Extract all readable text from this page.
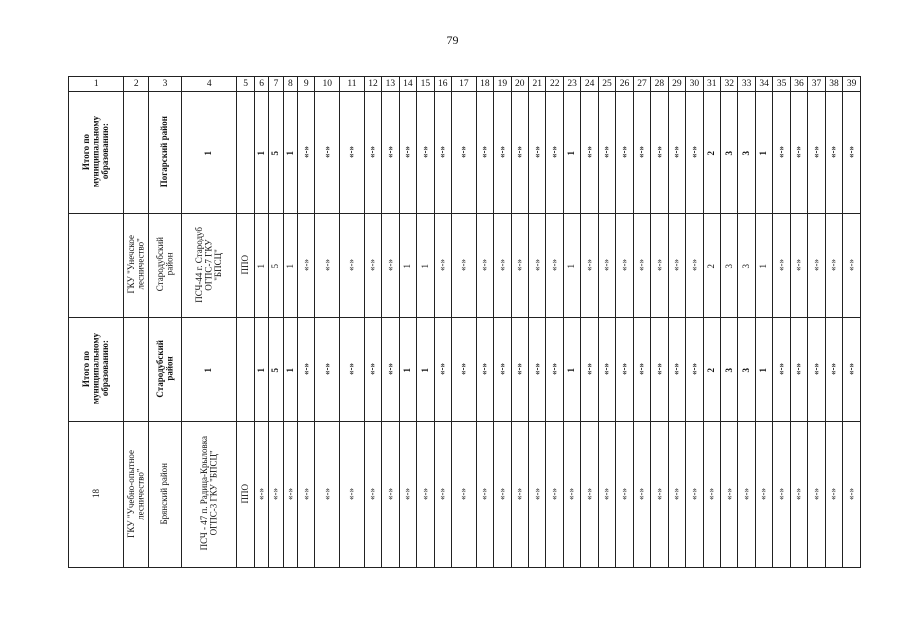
79
1	2	3	4	5	6	7	8	9	10	11	12	13	14	15	16	17	18	19	20	21	22	23	24	25	26	27	28	29	30	31	32	33	34	35	36	37	38	39
Итого по
муниципальному
образованию:		Погарский район	1		1	5	1	«-»	«-»	«-»	«-»	«-»	«-»	«-»	«-»	«-»	«-»	«-»	«-»	«-»	«-»	1	«-»	«-»	«-»	«-»	«-»	«-»	«-»	2	3	3	1	«-»	«-»	«-»	«-»	«-»
	ГКУ "Унечское
лесничество"	Стародубский
район	ПСЧ-44 г. Стародуб
ОГПС-7 ГКУ
"БПСЦ"	ППО	1	5	1	«-»	«-»	«-»	«-»	«-»	1	1	«-»	«-»	«-»	«-»	«-»	«-»	«-»	1	«-»	«-»	«-»	«-»	«-»	«-»	«-»	2	3	3	1	«-»	«-»	«-»	«-»	«-»
Итого по
муниципальному
образованию:		Стародубский
район	1		1	5	1	«-»	«-»	«-»	«-»	«-»	1	1	«-»	«-»	«-»	«-»	«-»	«-»	«-»	1	«-»	«-»	«-»	«-»	«-»	«-»	«-»	2	3	3	1	«-»	«-»	«-»	«-»	«-»
18	ГКУ "Учебно-опытное
лесничество"	Брянский район	ПСЧ - 47 п. Радица-Крыловка
ОГПС-3 ГКУ "БПСЦ"	ППО	«-»	«-»	«-»	«-»	«-»	«-»	«-»	«-»	«-»	«-»	«-»	«-»	«-»	«-»	«-»	«-»	«-»	«-»	«-»	«-»	«-»	«-»	«-»	«-»	«-»	«-»	«-»	«-»	«-»	«-»	«-»	«-»	«-»	«-»
